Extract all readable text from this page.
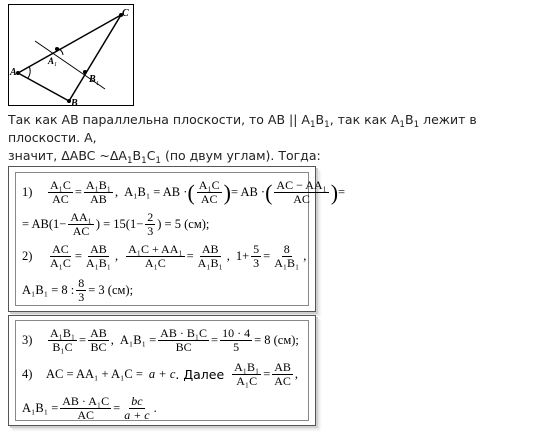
C
A 1
A
B 1
B
Так как AB параллельна плоскости, то AB || $A_1B_1$, так как $A_1B_1$ лежит в плоскости. A,
значит, ΔABC $\sim\Delta A_1B_1C_1$ (по двум углам). Тогда:
1)	$\frac{\text{A₁C}}{AC} = \frac{\text{A₁B₁}}{AB}$ , A₁B₁ = AB · ( $\frac{\text{A₁C}}{AC}$ ) = AB · ( $\frac{\text{AC − AA₁}}{AC}$ ) =
= $AB(1- \frac{\text{AA₁}}{AC}$ ) = $15(1- \frac{2}{3}$ ) = 5 (см);
2)	$\frac{AC}{\text{A₁C}} = \frac{AB}{\text{A₁B₁}}$ , $\frac{\text{A₁C + AA₁}}{\text{A₁C}} = \frac{AB}{\text{A₁B₁}}$ , $1+ \frac{5}{3} = \frac{8}{\text{A₁B₁}}$ ,
A₁B₁ = 8 : $\frac{8}{3} = 3$ (см);
3)	$\frac{\text{A₁B₁}}{\text{B₁C}} = \frac{AB}{BC}$ , $A_1B_1 = \frac{\text{AB · B₁C}}{BC} = \frac{10 \cdot 4}{5} = 8$ (см);
4)	AC = AA₁ + A₁C = a + c . Далее $\frac{\text{A₁B₁}}{\text{A₁C}} = \frac{AB}{AC}$ ,
$A_1B_1 = \frac{\text{AB · A₁C}}{AC} = \frac{bc}{a + c}$ .
